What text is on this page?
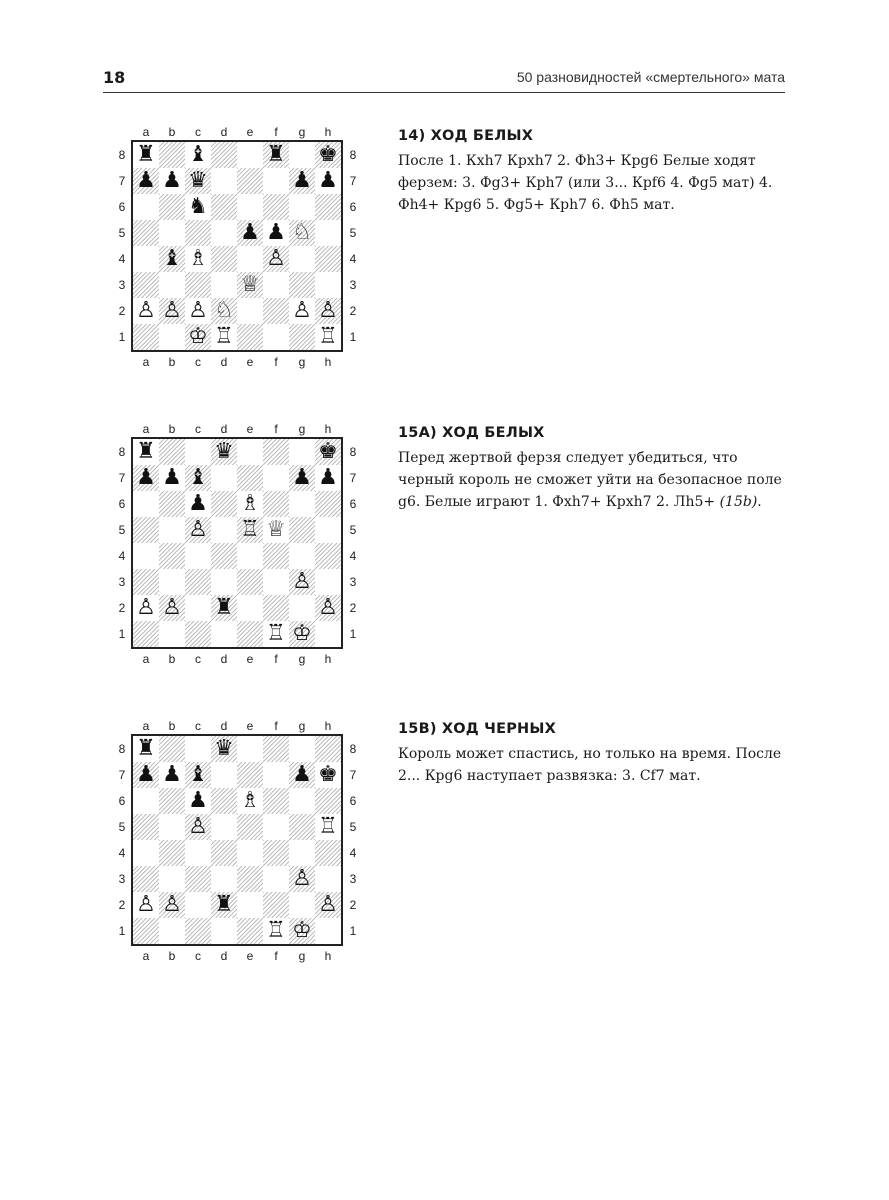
18	50 разновидностей «смертельного» мата
a	b	c	d	e	f	g	h
8
7
6
5
4
3
2
1
♜ ♝	♜ ♚
♟ ♟ ♛	♟ ♟
♞
♟ ♟ ♘
♝ ♗	♙
♕
♙ ♙ ♙ ♘	♙ ♙
♔ ♖	♖
8
7
6
5
4
3
2
1
a	b	c	d	e	f	g	h
14) ХОД БЕЛЫХ

После 1. Кxh7 Крxh7 2. Фh3+ Крg6 Белые ходят ферзем: 3. Фg3+ Крh7 (или 3... Крf6 4. Фg5 мат) 4. Фh4+ Крg6 5. Фg5+ Крh7 6. Фh5 мат.

a	b	c	d	e	f	g	h
8
7
6
5
4
3
2
1
♜	♛	♚
♟ ♟ ♝	♟ ♟
♟ ♗
♙ ♖ ♕
♙
♙ ♙ ♜	♙
♖ ♔
8
7
6
5
4
3
2
1
a	b	c	d	e	f	g	h
15A) ХОД БЕЛЫХ

Перед жертвой ферзя следует убедиться, что черный король не сможет уйти на безопасное поле g6. Белые играют 1. Фxh7+ Крxh7 2. Лh5+ (15b).

a	b	c	d	e	f	g	h
8
7
6
5
4
3
2
1
♜	♛
♟ ♟ ♝	♟ ♚
♟ ♗
♙	♖
♙
♙ ♙ ♜	♙
♖ ♔
8
7
6
5
4
3
2
1
a	b	c	d	e	f	g	h
15B) ХОД ЧЕРНЫХ

Король может спастись, но только на время. После 2... Крg6 наступает развязка: 3. Cf7 мат.
